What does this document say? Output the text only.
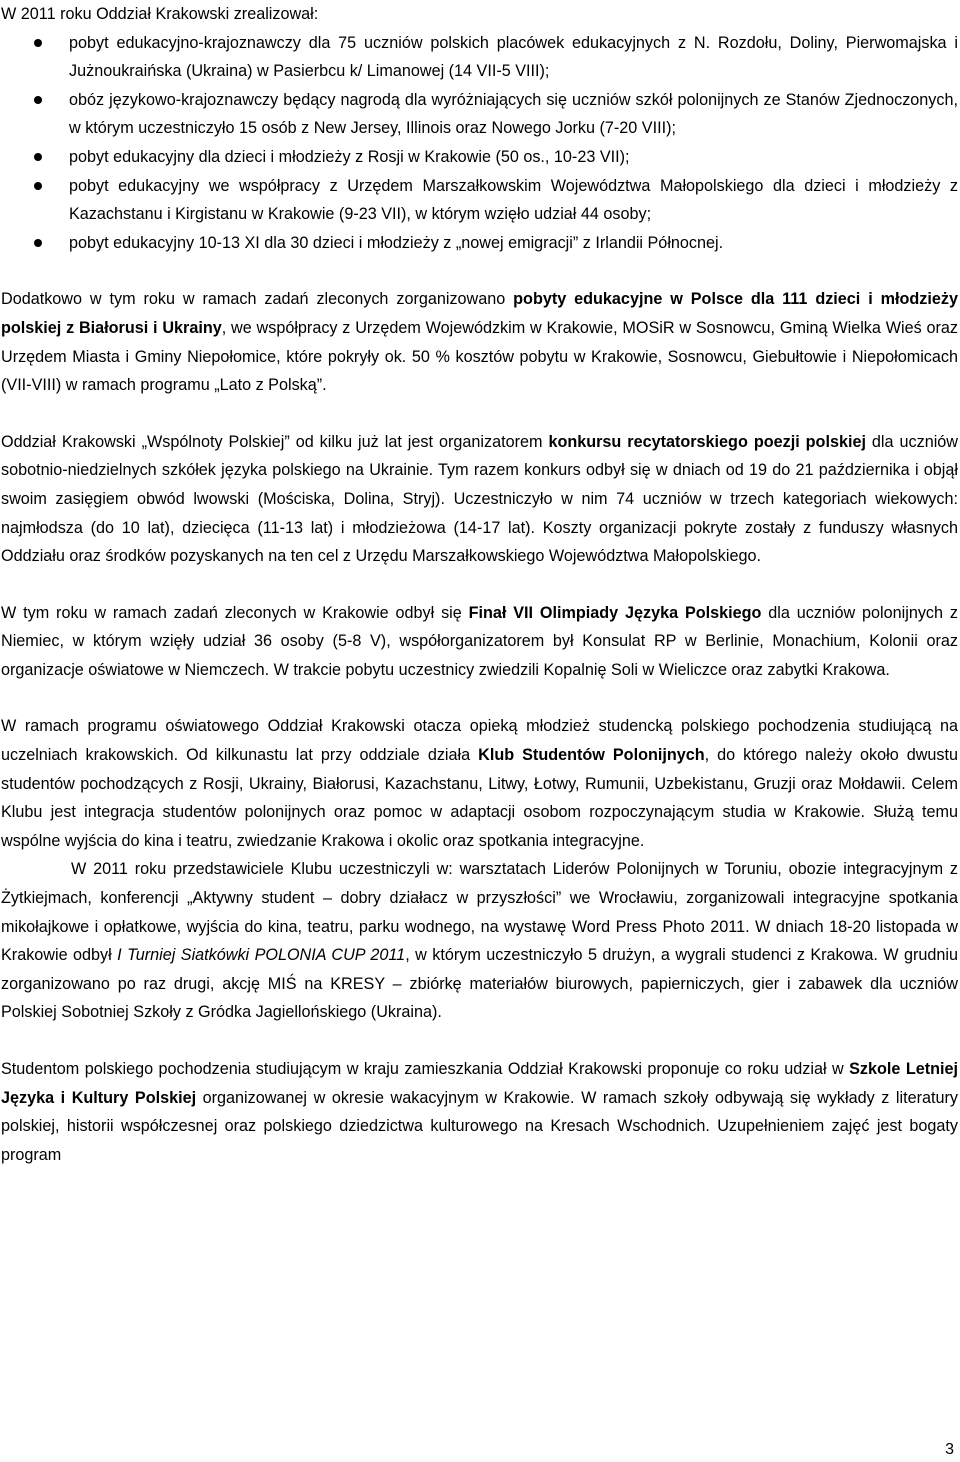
W 2011 roku Oddział Krakowski zrealizował:

pobyt edukacyjno-krajoznawczy dla 75 uczniów polskich placówek edukacyjnych z N. Rozdołu, Doliny, Pierwomajska i Jużnoukraińska (Ukraina) w Pasierbcu k/ Limanowej (14 VII-5 VIII);
obóz językowo-krajoznawczy będący nagrodą dla wyróżniających się uczniów szkół polonijnych ze Stanów Zjednoczonych, w którym uczestniczyło 15 osób z New Jersey, Illinois oraz Nowego Jorku (7-20 VIII);
pobyt edukacyjny dla dzieci i młodzieży z Rosji w Krakowie (50 os., 10-23 VII);
pobyt edukacyjny we współpracy z Urzędem Marszałkowskim Województwa Małopolskiego dla dzieci i młodzieży z Kazachstanu i Kirgistanu w Krakowie (9-23 VII), w którym wzięło udział 44 osoby;
pobyt edukacyjny 10-13 XI dla 30 dzieci i młodzieży z „nowej emigracji” z Irlandii Północnej.

Dodatkowo w tym roku w ramach zadań zleconych zorganizowano pobyty edukacyjne w Polsce dla 111 dzieci i młodzieży polskiej z Białorusi i Ukrainy, we współpracy z Urzędem Wojewódzkim w Krakowie, MOSiR w Sosnowcu, Gminą Wielka Wieś oraz Urzędem Miasta i Gminy Niepołomice, które pokryły ok. 50 % kosztów pobytu w Krakowie, Sosnowcu, Giebułtowie i Niepołomicach (VII-VIII) w ramach programu „Lato z Polską”.

Oddział Krakowski „Wspólnoty Polskiej” od kilku już lat jest organizatorem konkursu recytatorskiego poezji polskiej dla uczniów sobotnio-niedzielnych szkółek języka polskiego na Ukrainie. Tym razem konkurs odbył się w dniach od 19 do 21 października i objął swoim zasięgiem obwód lwowski (Mościska, Dolina, Stryj). Uczestniczyło w nim 74 uczniów w trzech kategoriach wiekowych: najmłodsza (do 10 lat), dziecięca (11-13 lat) i młodzieżowa (14-17 lat). Koszty organizacji pokryte zostały z funduszy własnych Oddziału oraz środków pozyskanych na ten cel z Urzędu Marszałkowskiego Województwa Małopolskiego.

W tym roku w ramach zadań zleconych w Krakowie odbył się Finał VII Olimpiady Języka Polskiego dla uczniów polonijnych z Niemiec, w którym wzięły udział 36 osoby (5-8 V), współorganizatorem był Konsulat RP w Berlinie, Monachium, Kolonii oraz organizacje oświatowe w Niemczech. W trakcie pobytu uczestnicy zwiedzili Kopalnię Soli w Wieliczce oraz zabytki Krakowa.

W ramach programu oświatowego Oddział Krakowski otacza opieką młodzież studencką polskiego pochodzenia studiującą na uczelniach krakowskich. Od kilkunastu lat przy oddziale działa Klub Studentów Polonijnych, do którego należy około dwustu studentów pochodzących z Rosji, Ukrainy, Białorusi, Kazachstanu, Litwy, Łotwy, Rumunii, Uzbekistanu, Gruzji oraz Mołdawii. Celem Klubu jest integracja studentów polonijnych oraz pomoc w adaptacji osobom rozpoczynającym studia w Krakowie. Służą temu wspólne wyjścia do kina i teatru, zwiedzanie Krakowa i okolic oraz spotkania integracyjne.

W 2011 roku przedstawiciele Klubu uczestniczyli w: warsztatach Liderów Polonijnych w Toruniu, obozie integracyjnym z Żytkiejmach, konferencji „Aktywny student – dobry działacz w przyszłości” we Wrocławiu, zorganizowali integracyjne spotkania mikołajkowe i opłatkowe, wyjścia do kina, teatru, parku wodnego, na wystawę Word Press Photo 2011. W dniach 18-20 listopada w Krakowie odbył I Turniej Siatkówki POLONIA CUP 2011, w którym uczestniczyło 5 drużyn, a wygrali studenci z Krakowa. W grudniu zorganizowano po raz drugi, akcję MIŚ na KRESY – zbiórkę materiałów biurowych, papierniczych, gier i zabawek dla uczniów Polskiej Sobotniej Szkoły z Gródka Jagiellońskiego (Ukraina).

Studentom polskiego pochodzenia studiującym w kraju zamieszkania Oddział Krakowski proponuje co roku udział w Szkole Letniej Języka i Kultury Polskiej organizowanej w okresie wakacyjnym w Krakowie. W ramach szkoły odbywają się wykłady z literatury polskiej, historii współczesnej oraz polskiego dziedzictwa kulturowego na Kresach Wschodnich. Uzupełnieniem zajęć jest bogaty program

3
